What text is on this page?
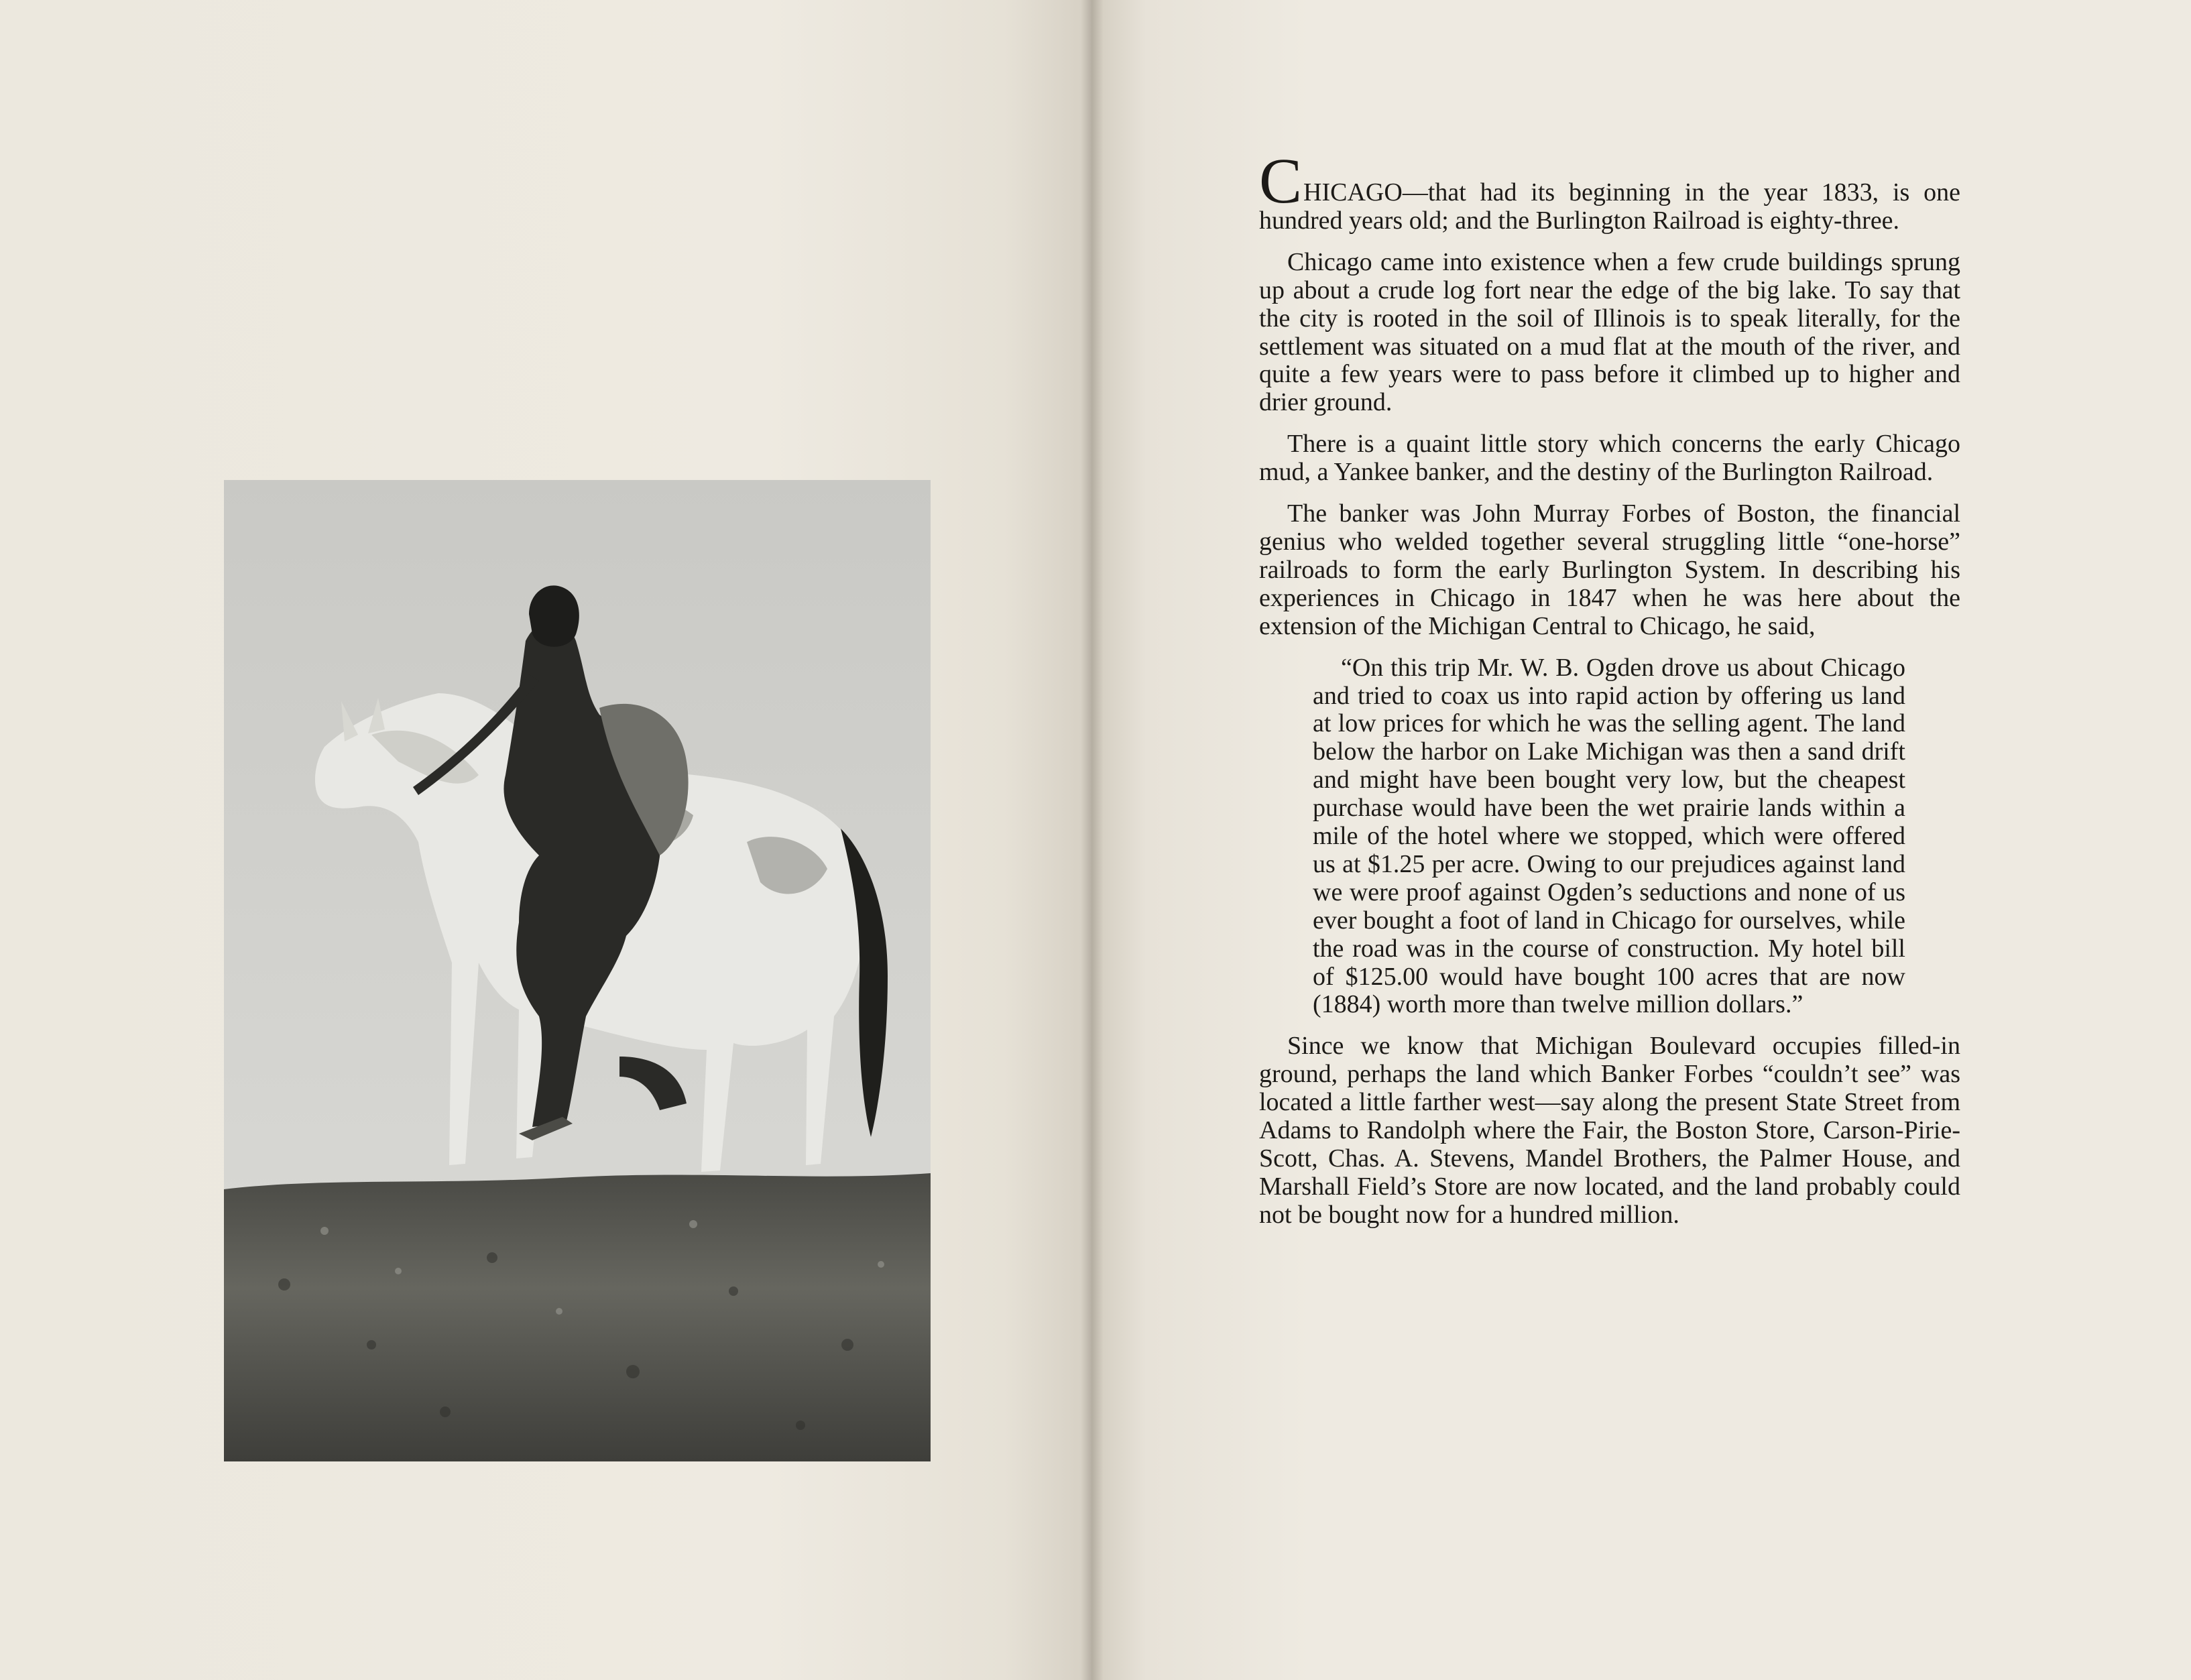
CHICAGO—that had its beginning in the year 1833, is one hundred years old; and the Burlington Railroad is eighty-three.

Chicago came into existence when a few crude buildings sprung up about a crude log fort near the edge of the big lake. To say that the city is rooted in the soil of Illinois is to speak literally, for the settlement was situated on a mud flat at the mouth of the river, and quite a few years were to pass before it climbed up to higher and drier ground.

There is a quaint little story which concerns the early Chicago mud, a Yankee banker, and the destiny of the Burlington Railroad.

The banker was John Murray Forbes of Boston, the financial genius who welded together several struggling little “one-horse” railroads to form the early Burlington System. In describing his experiences in Chicago in 1847 when he was here about the extension of the Michigan Central to Chicago, he said,

“On this trip Mr. W. B. Ogden drove us about Chicago and tried to coax us into rapid action by offering us land at low prices for which he was the selling agent. The land below the harbor on Lake Michigan was then a sand drift and might have been bought very low, but the cheapest purchase would have been the wet prairie lands within a mile of the hotel where we stopped, which were offered us at $1.25 per acre. Owing to our prejudices against land we were proof against Ogden’s seductions and none of us ever bought a foot of land in Chicago for ourselves, while the road was in the course of construction. My hotel bill of $125.00 would have bought 100 acres that are now (1884) worth more than twelve million dollars.”

Since we know that Michigan Boulevard occupies filled-in ground, perhaps the land which Banker Forbes “couldn’t see” was located a little farther west—say along the present State Street from Adams to Randolph where the Fair, the Boston Store, Carson-Pirie-Scott, Chas. A. Stevens, Mandel Brothers, the Palmer House, and Marshall Field’s Store are now located, and the land probably could not be bought now for a hundred million.
